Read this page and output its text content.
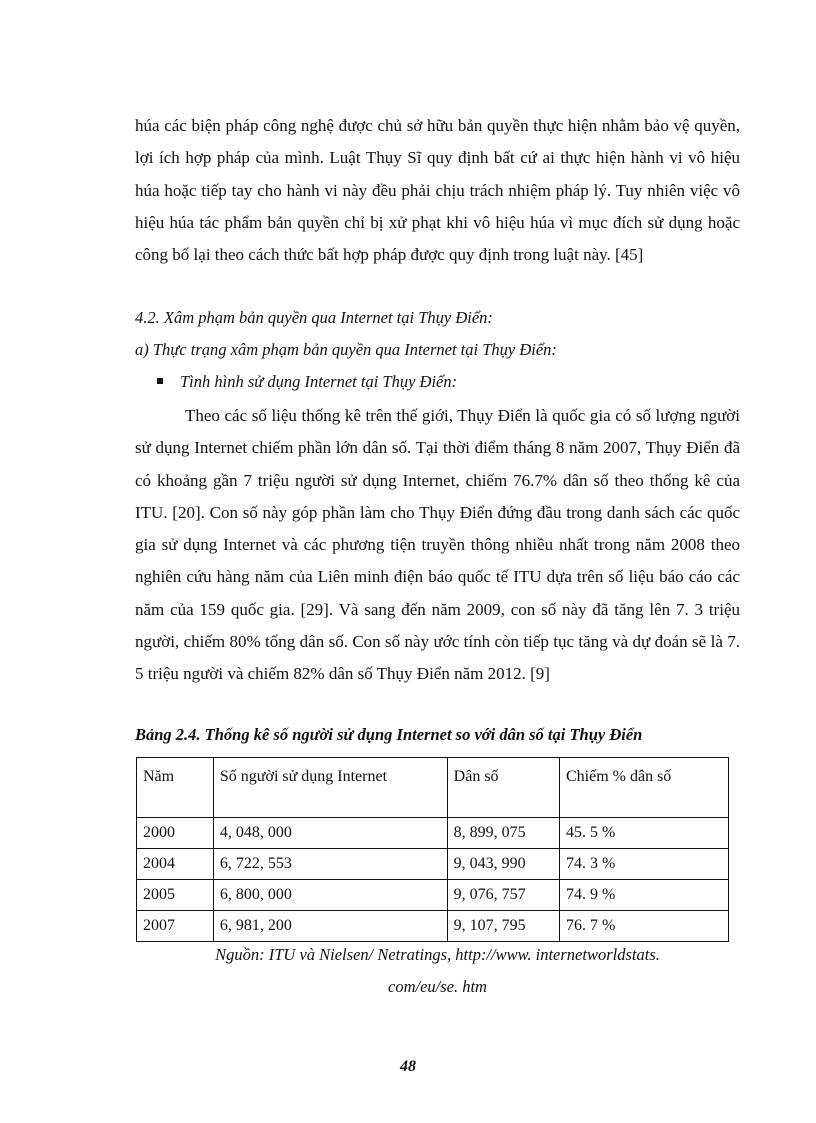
húa các biện pháp công nghệ được chủ sở hữu bản quyền thực hiện nhằm bảo vệ quyền, lợi ích hợp pháp của mình. Luật Thụy Sĩ quy định bất cứ ai thực hiện hành vi vô hiệu húa hoặc tiếp tay cho hành vi này đều phải chịu trách nhiệm pháp lý. Tuy nhiên việc vô hiệu húa tác phẩm bản quyền chỉ bị xử phạt khi vô hiệu húa vì mục đích sử dụng hoặc công bố lại theo cách thức bất hợp pháp được quy định trong luật này. [45]
4.2. Xâm phạm bản quyền qua Internet tại Thụy Điển:
a) Thực trạng xâm phạm bản quyền qua Internet tại Thụy Điển:
Tình hình sử dụng Internet tại Thụy Điển:
Theo các số liệu thống kê trên thế giới, Thụy Điển là quốc gia có số lượng người sử dụng Internet chiếm phần lớn dân số. Tại thời điểm tháng 8 năm 2007, Thụy Điển đã có khoảng gần 7 triệu người sử dụng Internet, chiếm 76.7% dân số theo thống kê của ITU. [20]. Con số này góp phần làm cho Thụy Điển đứng đầu trong danh sách các quốc gia sử dụng Internet và các phương tiện truyền thông nhiều nhất trong năm 2008 theo nghiên cứu hàng năm của Liên minh điện báo quốc tế ITU dựa trên số liệu báo cáo các năm của 159 quốc gia. [29]. Và sang đến năm 2009, con số này đã tăng lên 7. 3 triệu người, chiếm 80% tổng dân số. Con số này ước tính còn tiếp tục tăng và dự đoán sẽ là 7. 5 triệu người và chiếm 82% dân số Thụy Điển năm 2012. [9]
Bảng 2.4. Thống kê số người sử dụng Internet so với dân số tại Thụy Điển
Năm	Số người sử dụng Internet	Dân số	Chiếm % dân số
2000	4, 048, 000	8, 899, 075	45. 5 %
2004	6, 722, 553	9, 043, 990	74. 3 %
2005	6, 800, 000	9, 076, 757	74. 9 %
2007	6, 981, 200	9, 107, 795	76. 7 %
Nguồn: ITU và Nielsen/ Netratings, http://www. internetworldstats.
com/eu/se. htm
48
